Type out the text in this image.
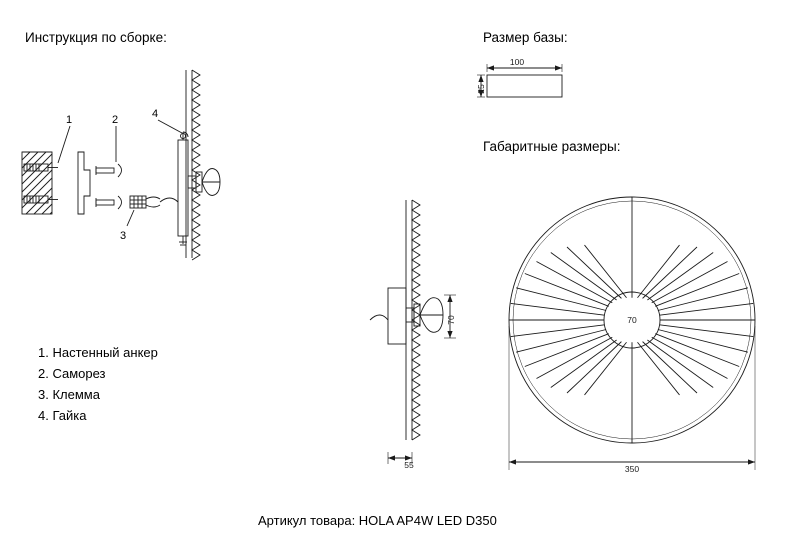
Инструкция по сборке:	Размер базы:
Габаритные размеры:
1	2
3
4
1. Настенный анкер
2. Саморез
3. Клемма
4. Гайка
Артикул товара: HOLA AP4W LED D350
100
25
70
55	350
70
